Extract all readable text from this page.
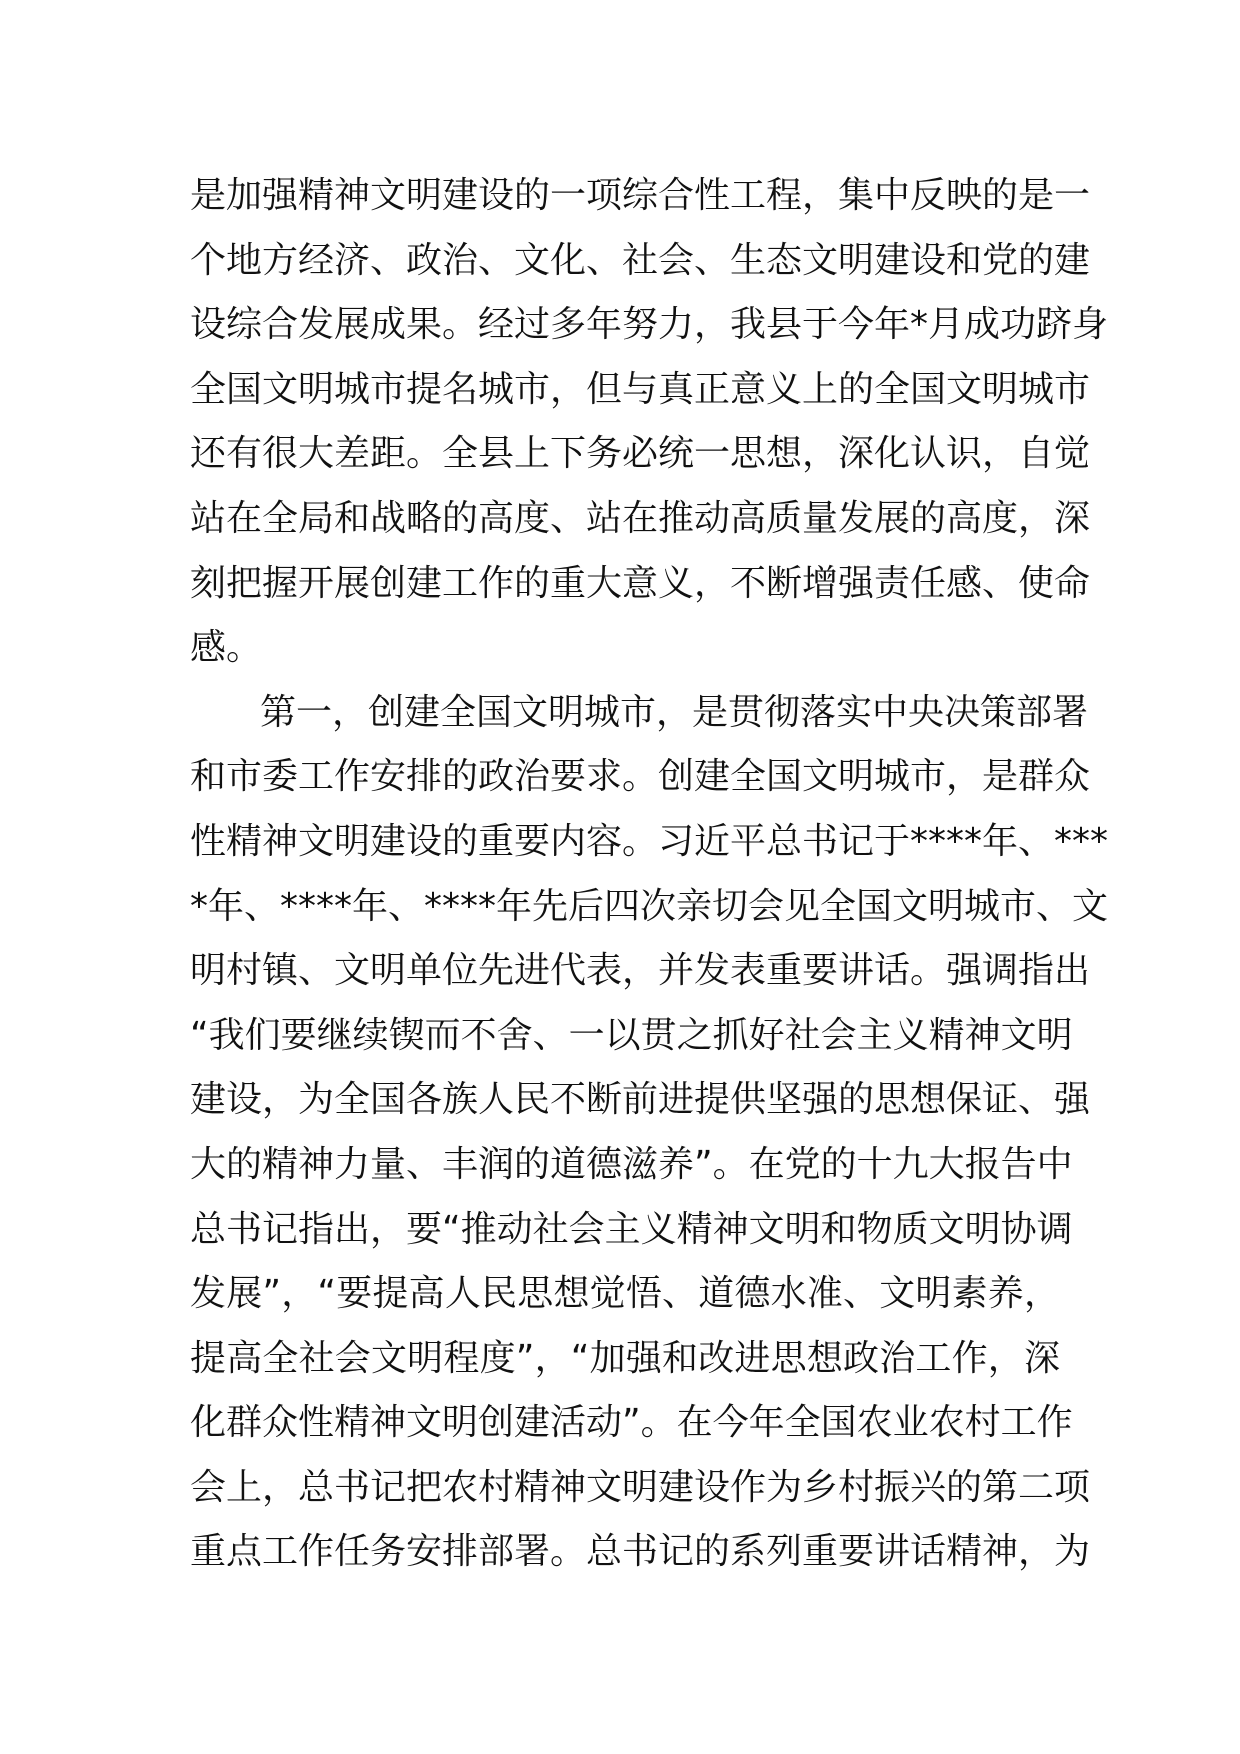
是加强精神文明建设的一项综合性工程，集中反映的是一
个地方经济、政治、文化、社会、生态文明建设和党的建
设综合发展成果。经过多年努力，我县于今年*月成功跻身
全国文明城市提名城市，但与真正意义上的全国文明城市
还有很大差距。全县上下务必统一思想，深化认识，自觉
站在全局和战略的高度、站在推动高质量发展的高度，深
刻把握开展创建工作的重大意义，不断增强责任感、使命
感。
第一，创建全国文明城市，是贯彻落实中央决策部署
和市委工作安排的政治要求。创建全国文明城市，是群众
性精神文明建设的重要内容。习近平总书记于****年、***
*年、****年、****年先后四次亲切会见全国文明城市、文
明村镇、文明单位先进代表，并发表重要讲话。强调指出
“我们要继续锲而不舍、一以贯之抓好社会主义精神文明
建设，为全国各族人民不断前进提供坚强的思想保证、强
大的精神力量、丰润的道德滋养”。在党的十九大报告中
总书记指出，要“推动社会主义精神文明和物质文明协调
发展”，“要提高人民思想觉悟、道德水准、文明素养，
提高全社会文明程度”，“加强和改进思想政治工作，深
化群众性精神文明创建活动”。在今年全国农业农村工作
会上，总书记把农村精神文明建设作为乡村振兴的第二项
重点工作任务安排部署。总书记的系列重要讲话精神，为
